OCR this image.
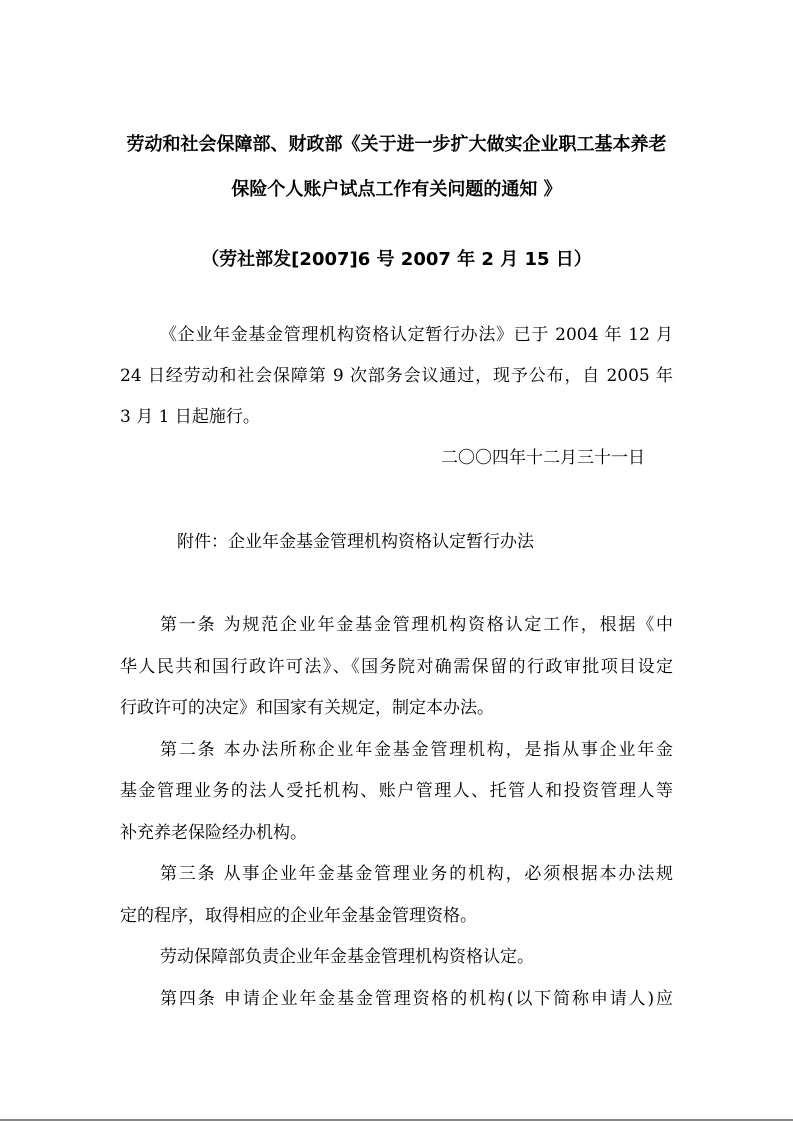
劳动和社会保障部、财政部《关于进一步扩大做实企业职工基本养老
保险个人账户试点工作有关问题的通知 》
（劳社部发[2007]6 号 2007 年 2 月 15 日）
《企业年金基金管理机构资格认定暂行办法》已于 2004 年 12 月
24 日经劳动和社会保障第 9 次部务会议通过，现予公布，自 2005 年
3 月 1 日起施行。
二〇〇四年十二月三十一日
附件：企业年金基金管理机构资格认定暂行办法
第一条 为规范企业年金基金管理机构资格认定工作，根据《中
华人民共和国行政许可法》、《国务院对确需保留的行政审批项目设定
行政许可的决定》和国家有关规定，制定本办法。
第二条 本办法所称企业年金基金管理机构，是指从事企业年金
基金管理业务的法人受托机构、账户管理人、托管人和投资管理人等
补充养老保险经办机构。
第三条 从事企业年金基金管理业务的机构，必须根据本办法规
定的程序，取得相应的企业年金基金管理资格。
劳动保障部负责企业年金基金管理机构资格认定。
第四条 申请企业年金基金管理资格的机构(以下简称申请人)应
